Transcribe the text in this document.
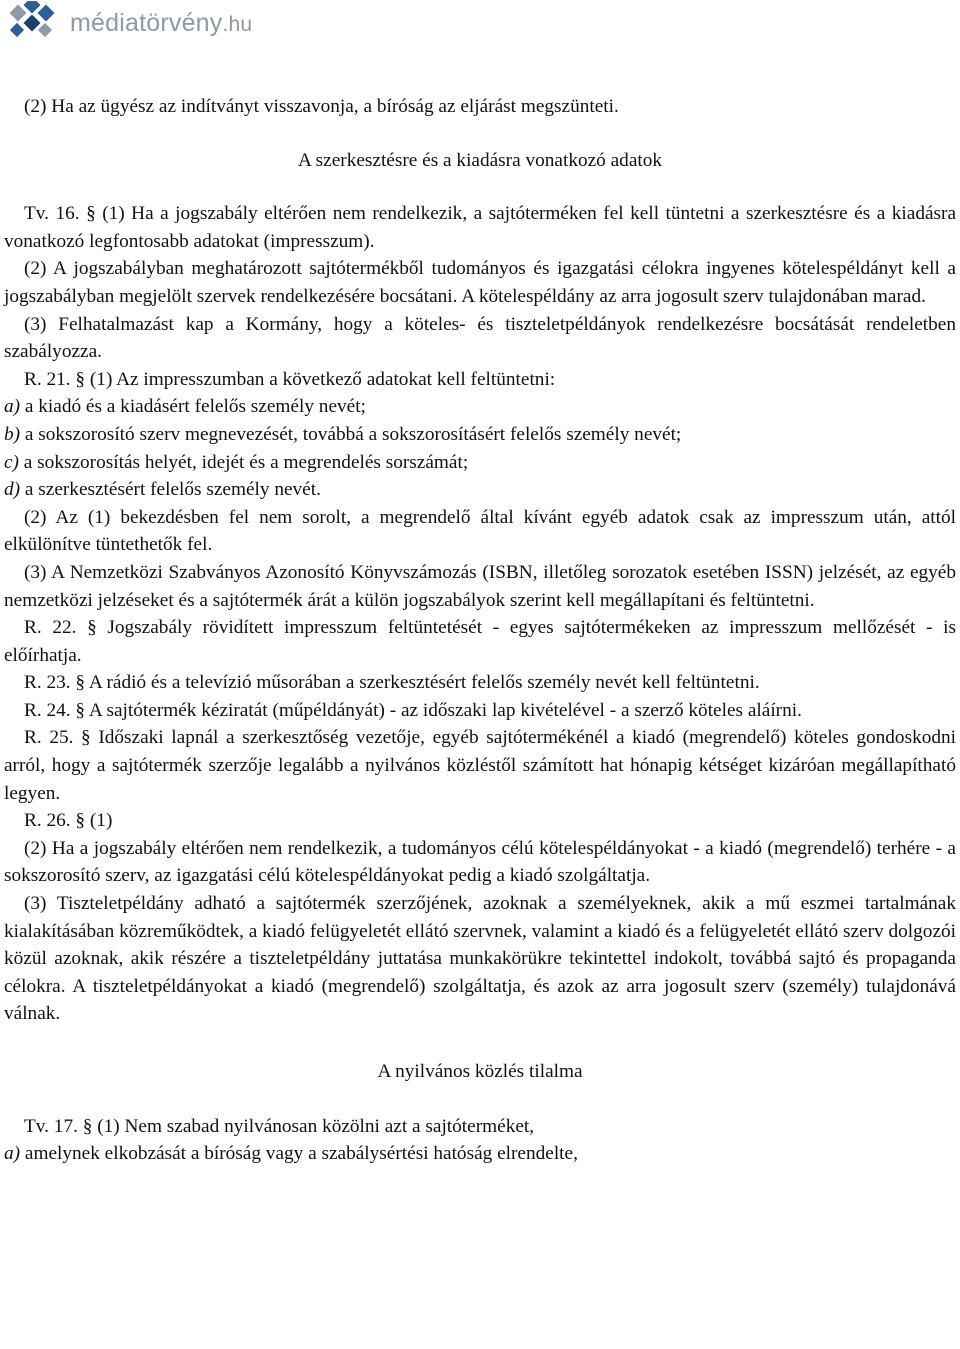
médiatörvény.hu

(2) Ha az ügyész az indítványt visszavonja, a bíróság az eljárást megszünteti.

A szerkesztésre és a kiadásra vonatkozó adatok

Tv. 16. § (1) Ha a jogszabály eltérően nem rendelkezik, a sajtóterméken fel kell tüntetni a szerkesztésre és a kiadásra vonatkozó legfontosabb adatokat (impresszum).

(2) A jogszabályban meghatározott sajtótermékből tudományos és igazgatási célokra ingyenes kötelespéldányt kell a jogszabályban megjelölt szervek rendelkezésére bocsátani. A kötelespéldány az arra jogosult szerv tulajdonában marad.

(3) Felhatalmazást kap a Kormány, hogy a köteles- és tiszteletpéldányok rendelkezésre bocsátását rendeletben szabályozza.

R. 21. § (1) Az impresszumban a következő adatokat kell feltüntetni:

a) a kiadó és a kiadásért felelős személy nevét;

b) a sokszorosító szerv megnevezését, továbbá a sokszorosításért felelős személy nevét;

c) a sokszorosítás helyét, idejét és a megrendelés sorszámát;

d) a szerkesztésért felelős személy nevét.

(2) Az (1) bekezdésben fel nem sorolt, a megrendelő által kívánt egyéb adatok csak az impresszum után, attól elkülönítve tüntethetők fel.

(3) A Nemzetközi Szabványos Azonosító Könyvszámozás (ISBN, illetőleg sorozatok esetében ISSN) jelzését, az egyéb nemzetközi jelzéseket és a sajtótermék árát a külön jogszabályok szerint kell megállapítani és feltüntetni.

R. 22. § Jogszabály rövidített impresszum feltüntetését - egyes sajtótermékeken az impresszum mellőzését - is előírhatja.

R. 23. § A rádió és a televízió műsorában a szerkesztésért felelős személy nevét kell feltüntetni.

R. 24. § A sajtótermék kéziratát (műpéldányát) - az időszaki lap kivételével - a szerző köteles aláírni.

R. 25. § Időszaki lapnál a szerkesztőség vezetője, egyéb sajtótermékénél a kiadó (megrendelő) köteles gondoskodni arról, hogy a sajtótermék szerzője legalább a nyilvános közléstől számított hat hónapig kétséget kizáróan megállapítható legyen.

R. 26. § (1)

(2) Ha a jogszabály eltérően nem rendelkezik, a tudományos célú kötelespéldányokat - a kiadó (megrendelő) terhére - a sokszorosító szerv, az igazgatási célú kötelespéldányokat pedig a kiadó szolgáltatja.

(3) Tiszteletpéldány adható a sajtótermék szerzőjének, azoknak a személyeknek, akik a mű eszmei tartalmának kialakításában közreműködtek, a kiadó felügyeletét ellátó szervnek, valamint a kiadó és a felügyeletét ellátó szerv dolgozói közül azoknak, akik részére a tiszteletpéldány juttatása munkakörükre tekintettel indokolt, továbbá sajtó és propaganda célokra. A tiszteletpéldányokat a kiadó (megrendelő) szolgáltatja, és azok az arra jogosult szerv (személy) tulajdonává válnak.

A nyilvános közlés tilalma

Tv. 17. § (1) Nem szabad nyilvánosan közölni azt a sajtóterméket,

a) amelynek elkobzását a bíróság vagy a szabálysértési hatóság elrendelte,
